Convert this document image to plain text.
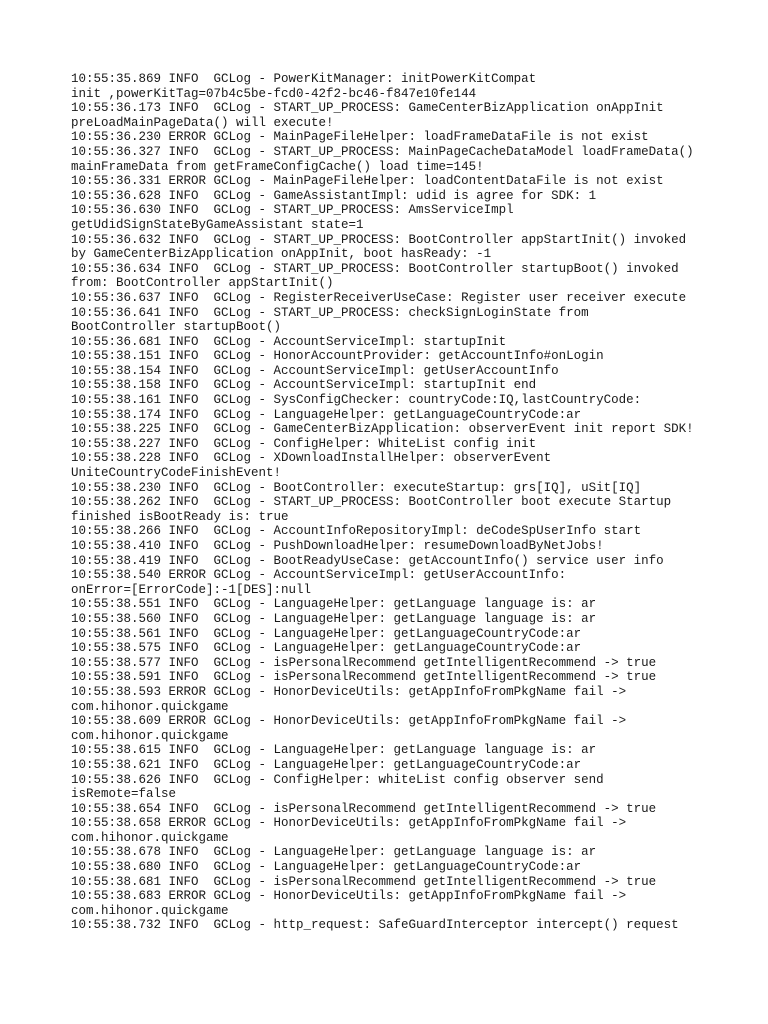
10:55:35.869 INFO  GCLog - PowerKitManager: initPowerKitCompat
init ,powerKitTag=07b4c5be-fcd0-42f2-bc46-f847e10fe144
10:55:36.173 INFO  GCLog - START_UP_PROCESS: GameCenterBizApplication onAppInit
preLoadMainPageData() will execute!
10:55:36.230 ERROR GCLog - MainPageFileHelper: loadFrameDataFile is not exist
10:55:36.327 INFO  GCLog - START_UP_PROCESS: MainPageCacheDataModel loadFrameData()
mainFrameData from getFrameConfigCache() load time=145!
10:55:36.331 ERROR GCLog - MainPageFileHelper: loadContentDataFile is not exist
10:55:36.628 INFO  GCLog - GameAssistantImpl: udid is agree for SDK: 1
10:55:36.630 INFO  GCLog - START_UP_PROCESS: AmsServiceImpl
getUdidSignStateByGameAssistant state=1
10:55:36.632 INFO  GCLog - START_UP_PROCESS: BootController appStartInit() invoked
by GameCenterBizApplication onAppInit, boot hasReady: -1
10:55:36.634 INFO  GCLog - START_UP_PROCESS: BootController startupBoot() invoked
from: BootController appStartInit()
10:55:36.637 INFO  GCLog - RegisterReceiverUseCase: Register user receiver execute
10:55:36.641 INFO  GCLog - START_UP_PROCESS: checkSignLoginState from
BootController startupBoot()
10:55:36.681 INFO  GCLog - AccountServiceImpl: startupInit
10:55:38.151 INFO  GCLog - HonorAccountProvider: getAccountInfo#onLogin
10:55:38.154 INFO  GCLog - AccountServiceImpl: getUserAccountInfo
10:55:38.158 INFO  GCLog - AccountServiceImpl: startupInit end
10:55:38.161 INFO  GCLog - SysConfigChecker: countryCode:IQ,lastCountryCode:
10:55:38.174 INFO  GCLog - LanguageHelper: getLanguageCountryCode:ar
10:55:38.225 INFO  GCLog - GameCenterBizApplication: observerEvent init report SDK!
10:55:38.227 INFO  GCLog - ConfigHelper: WhiteList config init
10:55:38.228 INFO  GCLog - XDownloadInstallHelper: observerEvent
UniteCountryCodeFinishEvent!
10:55:38.230 INFO  GCLog - BootController: executeStartup: grs[IQ], uSit[IQ]
10:55:38.262 INFO  GCLog - START_UP_PROCESS: BootController boot execute Startup
finished isBootReady is: true
10:55:38.266 INFO  GCLog - AccountInfoRepositoryImpl: deCodeSpUserInfo start
10:55:38.410 INFO  GCLog - PushDownloadHelper: resumeDownloadByNetJobs!
10:55:38.419 INFO  GCLog - BootReadyUseCase: getAccountInfo() service user info
10:55:38.540 ERROR GCLog - AccountServiceImpl: getUserAccountInfo:
onError=[ErrorCode]:-1[DES]:null
10:55:38.551 INFO  GCLog - LanguageHelper: getLanguage language is: ar
10:55:38.560 INFO  GCLog - LanguageHelper: getLanguage language is: ar
10:55:38.561 INFO  GCLog - LanguageHelper: getLanguageCountryCode:ar
10:55:38.575 INFO  GCLog - LanguageHelper: getLanguageCountryCode:ar
10:55:38.577 INFO  GCLog - isPersonalRecommend getIntelligentRecommend -> true
10:55:38.591 INFO  GCLog - isPersonalRecommend getIntelligentRecommend -> true
10:55:38.593 ERROR GCLog - HonorDeviceUtils: getAppInfoFromPkgName fail ->
com.hihonor.quickgame
10:55:38.609 ERROR GCLog - HonorDeviceUtils: getAppInfoFromPkgName fail ->
com.hihonor.quickgame
10:55:38.615 INFO  GCLog - LanguageHelper: getLanguage language is: ar
10:55:38.621 INFO  GCLog - LanguageHelper: getLanguageCountryCode:ar
10:55:38.626 INFO  GCLog - ConfigHelper: whiteList config observer send
isRemote=false
10:55:38.654 INFO  GCLog - isPersonalRecommend getIntelligentRecommend -> true
10:55:38.658 ERROR GCLog - HonorDeviceUtils: getAppInfoFromPkgName fail ->
com.hihonor.quickgame
10:55:38.678 INFO  GCLog - LanguageHelper: getLanguage language is: ar
10:55:38.680 INFO  GCLog - LanguageHelper: getLanguageCountryCode:ar
10:55:38.681 INFO  GCLog - isPersonalRecommend getIntelligentRecommend -> true
10:55:38.683 ERROR GCLog - HonorDeviceUtils: getAppInfoFromPkgName fail ->
com.hihonor.quickgame
10:55:38.732 INFO  GCLog - http_request: SafeGuardInterceptor intercept() request
